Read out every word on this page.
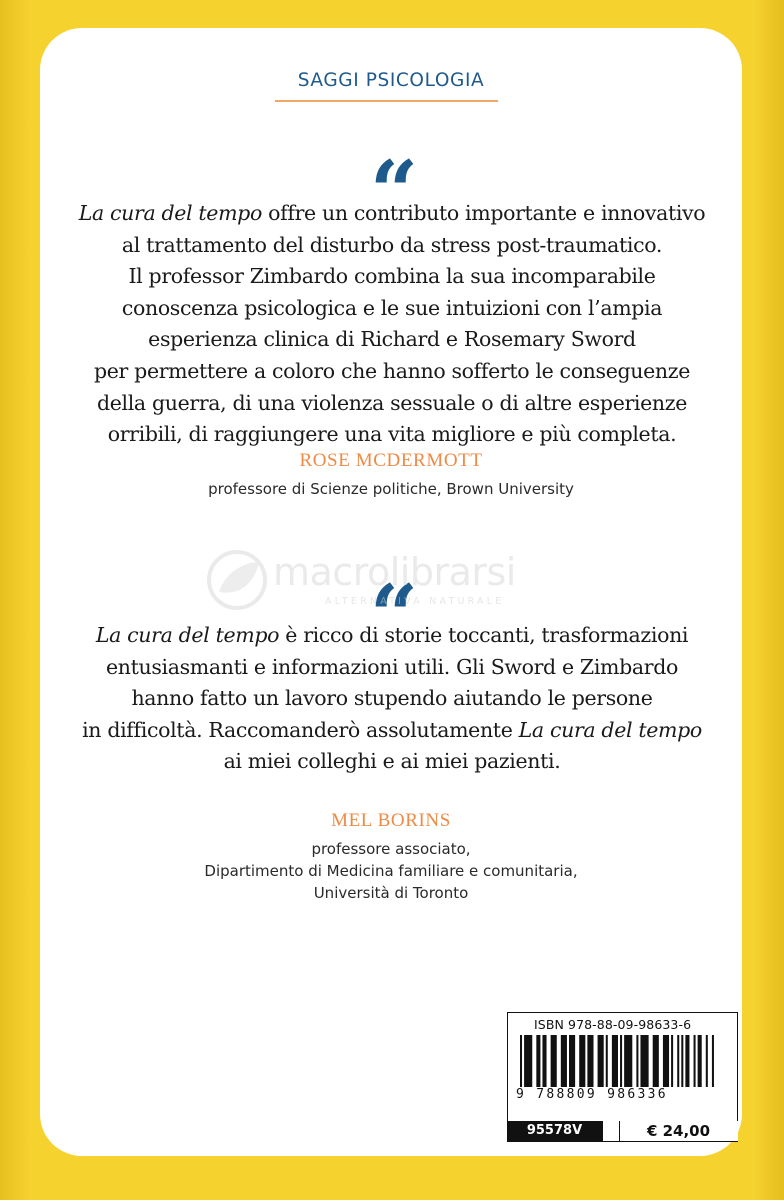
SAGGI PSICOLOGIA
“
La cura del tempo offre un contributo importante e innovativo
al trattamento del disturbo da stress post-traumatico.
Il professor Zimbardo combina la sua incomparabile
conoscenza psicologica e le sue intuizioni con l’ampia
esperienza clinica di Richard e Rosemary Sword
per permettere a coloro che hanno sofferto le conseguenze
della guerra, di una violenza sessuale o di altre esperienze
orribili, di raggiungere una vita migliore e più completa.
ROSE MCDERMOTT
professore di Scienze politiche, Brown University
“
La cura del tempo è ricco di storie toccanti, trasformazioni
entusiasmanti e informazioni utili. Gli Sword e Zimbardo
hanno fatto un lavoro stupendo aiutando le persone
in difficoltà. Raccomanderò assolutamente La cura del tempo
ai miei colleghi e ai miei pazienti.
MEL BORINS
professore associato,
Dipartimento di Medicina familiare e comunitaria,
Università di Toronto
ISBN 978-88-09-98633-6
9 788809 986336
95578V	€ 24,00
macrolibrarsi
ALTERNATIVA NATURALE
